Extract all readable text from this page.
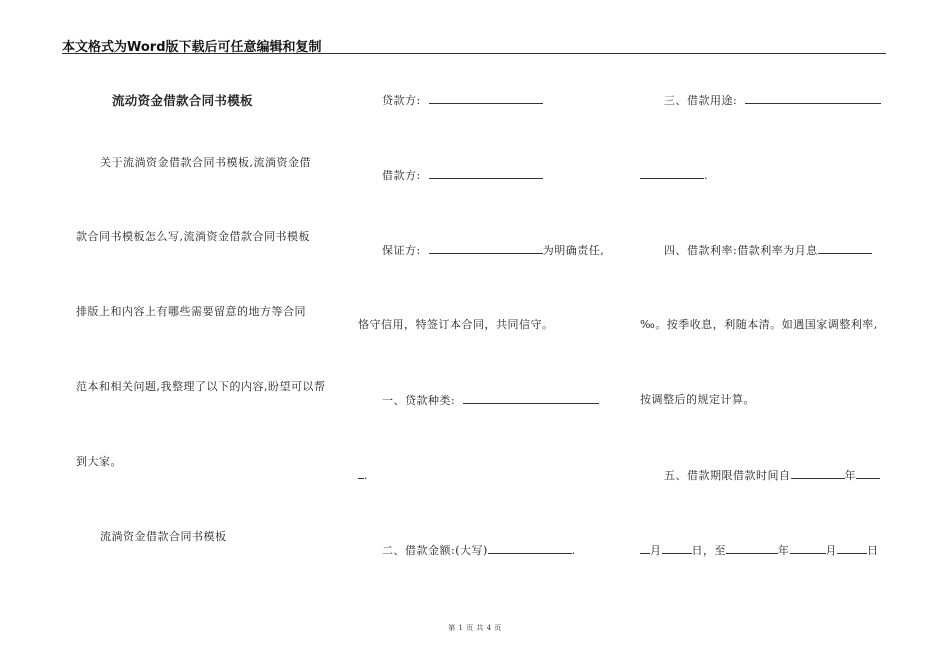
本文格式为Word版下载后可任意编辑和复制
流动资金借款合同书模板
关于流淌资金借款合同书模板,流淌资金借
款合同书模板怎么写,流淌资金借款合同书模板
排版上和内容上有哪些需要留意的地方等合同
范本和相关问题,我整理了以下的内容,盼望可以帮
到大家。
流淌资金借款合同书模板
贷款方:
借款方:
保证方:	为明确责任,
恪守信用，特签订本合同，共同信守。
一、贷款种类:
.
二、借款金额:(大写)	.
三、借款用途:
.
四、借款利率:借款利率为月息
‰。按季收息，利随本清。如遇国家调整利率,
按调整后的规定计算。
五、借款期限借款时间自	年
月	日，至	年	月	日
第 1 页 共 4 页
